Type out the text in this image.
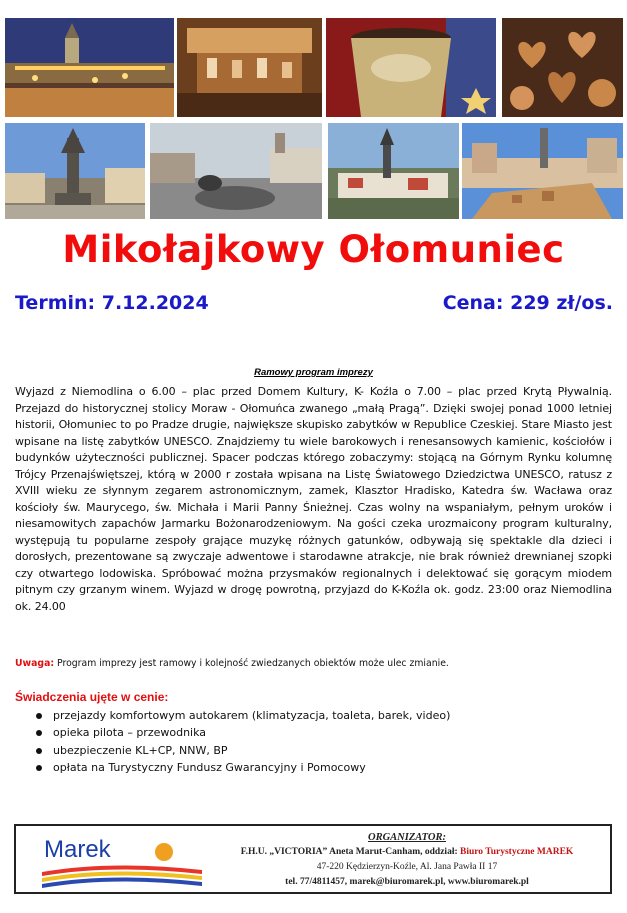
Mikołajkowy Ołomuniec
Termin: 7.12.2024	Cena: 229 zł/os.
Ramowy program imprezy
Wyjazd z Niemodlina o 6.00 – plac przed Domem Kultury, K- Koźla o 7.00 – plac przed Krytą Pływalnią. Przejazd do historycznej stolicy Moraw - Ołomuńca zwanego „małą Pragą”. Dzięki swojej ponad 1000 letniej historii, Ołomuniec to po Pradze drugie, największe skupisko zabytków w Republice Czeskiej. Stare Miasto jest wpisane na listę zabytków UNESCO. Znajdziemy tu wiele barokowych i renesansowych kamienic, kościołów i budynków użyteczności publicznej. Spacer podczas którego zobaczymy: stojącą na Górnym Rynku kolumnę Trójcy Przenajświętszej, którą w 2000 r została wpisana na Listę Światowego Dziedzictwa UNESCO, ratusz z XVIII wieku ze słynnym zegarem astronomicznym, zamek, Klasztor Hradisko, Katedra św. Wacława oraz kościoły św. Maurycego, św. Michała i Marii Panny Śnieżnej. Czas wolny na wspaniałym, pełnym uroków i niesamowitych zapachów Jarmarku Bożonarodzeniowym. Na gości czeka urozmaicony program kulturalny, występują tu popularne zespoły grające muzykę różnych gatunków, odbywają się spektakle dla dzieci i dorosłych, prezentowane są zwyczaje adwentowe i starodawne atrakcje, nie brak również drewnianej szopki czy otwartego lodowiska. Spróbować można przysmaków regionalnych i delektować się gorącym miodem pitnym czy grzanym winem. Wyjazd w drogę powrotną, przyjazd do K-Koźla ok. godz. 23:00 oraz Niemodlina ok. 24.00
Uwaga: Program imprezy jest ramowy i kolejność zwiedzanych obiektów może ulec zmianie.
Świadczenia ujęte w cenie:
przejazdy komfortowym autokarem (klimatyzacja, toaleta, barek, video)
opieka pilota – przewodnika
ubezpieczenie KL+CP, NNW, BP
opłata na Turystyczny Fundusz Gwarancyjny i Pomocowy
Marek	ORGANIZATOR:
F.H.U. „VICTORIA” Aneta Marut-Canham, oddział: Biuro Turystyczne MAREK
47-220 Kędzierzyn-Koźle, Al. Jana Pawła II 17
tel. 77/4811457, marek@biuromarek.pl, www.biuromarek.pl
